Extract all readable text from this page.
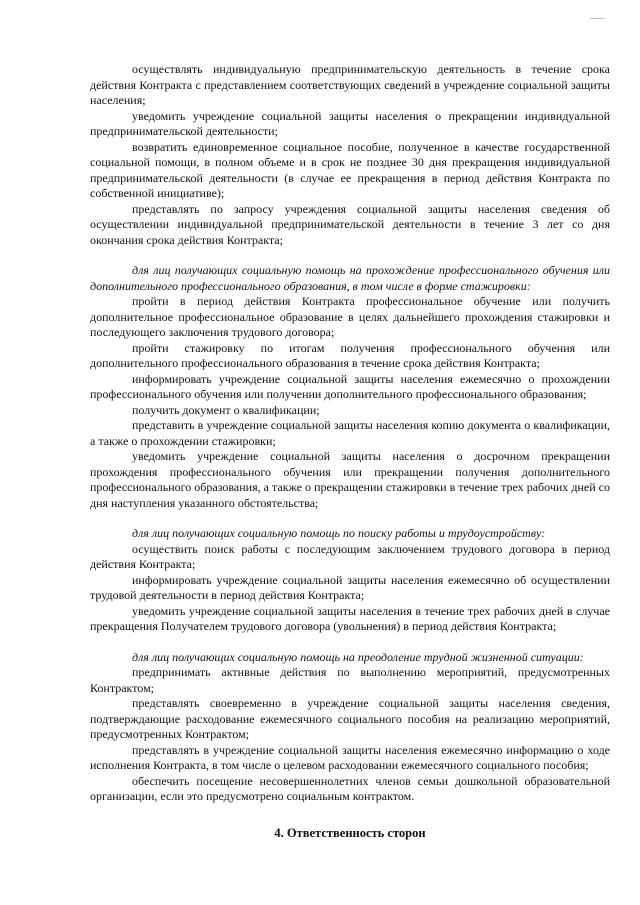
осуществлять индивидуальную предпринимательскую деятельность в течение срока действия Контракта с представлением соответствующих сведений в учреждение социальной защиты населения;

уведомить учреждение социальной защиты населения о прекращении индивидуальной предпринимательской деятельности;

возвратить единовременное социальное пособие, полученное в качестве государственной социальной помощи, в полном объеме и в срок не позднее 30 дня прекращения индивидуальной предпринимательской деятельности (в случае ее прекращения в период действия Контракта по собственной инициативе);

представлять по запросу учреждения социальной защиты населения сведения об осуществлении индивидуальной предпринимательской деятельности в течение 3 лет со дня окончания срока действия Контракта;

для лиц получающих социальную помощь на прохождение профессионального обучения или дополнительного профессионального образования, в том числе в форме стажировки:

пройти в период действия Контракта профессиональное обучение или получить дополнительное профессиональное образование в целях дальнейшего прохождения стажировки и последующего заключения трудового договора;

пройти стажировку по итогам получения профессионального обучения или дополнительного профессионального образования в течение срока действия Контракта;

информировать учреждение социальной защиты населения ежемесячно о прохождении профессионального обучения или получении дополнительного профессионального образования;

получить документ о квалификации;

представить в учреждение социальной защиты населения копию документа о квалификации, а также о прохождении стажировки;

уведомить учреждение социальной защиты населения о досрочном прекращении прохождения профессионального обучения или прекращении получения дополнительного профессионального образования, а также о прекращении стажировки в течение трех рабочих дней со дня наступления указанного обстоятельства;

для лиц получающих социальную помощь по поиску работы и трудоустройству:

осуществить поиск работы с последующим заключением трудового договора в период действия Контракта;

информировать учреждение социальной защиты населения ежемесячно об осуществлении трудовой деятельности в период действия Контракта;

уведомить учреждение социальной защиты населения в течение трех рабочих дней в случае прекращения Получателем трудового договора (увольнения) в период действия Контракта;

для лиц получающих социальную помощь на преодоление трудной жизненной ситуации:

предпринимать активные действия по выполнению мероприятий, предусмотренных Контрактом;

представлять своевременно в учреждение социальной защиты населения сведения, подтверждающие расходование ежемесячного социального пособия на реализацию мероприятий, предусмотренных Контрактом;

представлять в учреждение социальной защиты населения ежемесячно информацию о ходе исполнения Контракта, в том числе о целевом расходовании ежемесячного социального пособия;

обеспечить посещение несовершеннолетних членов семьи дошкольной образовательной организации, если это предусмотрено социальным контрактом.

4. Ответственность сторон
